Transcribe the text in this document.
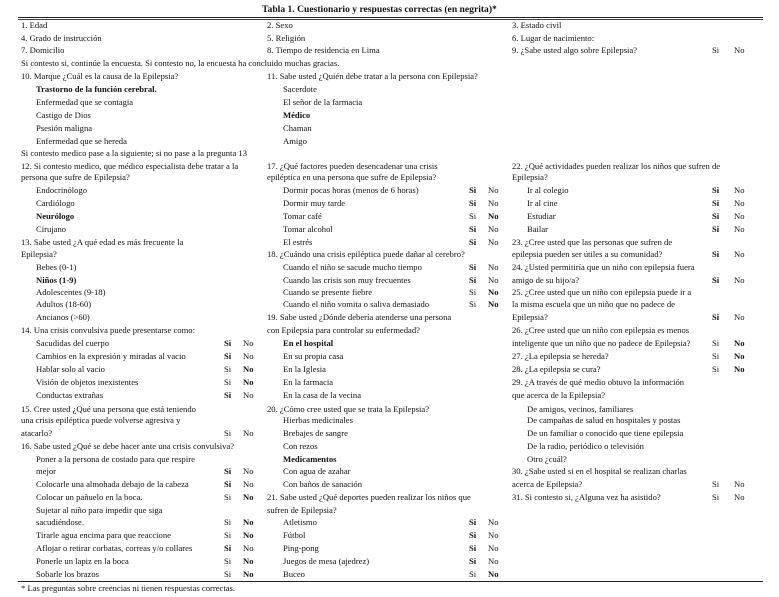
Tabla 1. Cuestionario y respuestas correctas (en negrita)*
1. Edad	2. Sexo	3. Estado civil
4. Grado de instrucción	5. Religión	6. Lugar de nacimiento:
7. Domicilio	8. Tiempo de residencia en Lima	9. ¿Sabe usted algo sobre Epilepsia?	Si No
Si contesto si, continúe la encuesta. Si contesto no, la encuesta ha concluido muchas gracias.
10. Marque ¿Cuál es la causa de la Epilepsia?
Trastorno de la función cerebral.
Enfermedad que se contagia
Castigo de Dios
Psesión maligna
Enfermedad que se hereda
Si contesto medico pase a la siguiente; si no pase a la pregunta 13
11. Sabe usted ¿Quién debe tratar a la persona con Epilepsia?
Sacerdote
El señor de la farmacia
Médico
Chaman
Amigo
12. Si contesto medico, que médico especialista debe tratar a la
persona que sufre de Epilepsia?
Endocrinólogo
Cardiólogo
Neurólogo
Cirujano
13. Sabe usted ¿A qué edad es más frecuente la
Epilepsia?
Bebes (0-1)
Niños (1-9)
Adolescentes (9-18)
Adultos (18-60)
Ancianos (>60)
14. Una crisis convulsiva puede presentarse como:
Sacudidas del cuerpo	Si No
Cambios en la expresión y miradas al vacio	Si No
Hablar solo al vacio	Si No
Visión de objetos inexistentes	Si No
Conductas extrañas	Si No
15. Cree usted ¿Qué una persona que está teniendo
una crisis epiléptica puede volverse agresiva y
atacarlo?	Si No
16. Sabe usted ¿Qué se debe hacer ante una crisis convulsiva?
Poner a la persona de costado para que respire
mejor	Si No
Colocarle una almohada debajo de la cabeza	Si No
Colocar un pañuelo en la boca.	Si No
Sujetar al niño para impedir que siga
sacudiéndose.	Si No
Tirarle agua encima para que reaccione	Si No
Aflojar o retirar corbatas, correas y/o collares	Si No
Ponerle un lapiz en la boca	Si No
Sobarle los brazos	Si No
17. ¿Qué factores pueden desencadenar una crisis
epiléptica en una persona que sufre de Epilepsia?
Dormir pocas horas (menos de 6 horas)	Si No
Dormir muy tarde	Si No
Tomar café	Si No
Tomar alcohol	Si No
El estrés	Si No
18. ¿Cuándo una crisis epiléptica puede dañar al cerebro?
Cuando el niño se sacude mucho tiempo	Si No
Cuando las crisis son muy frecuentes	Si No
Cuando se presente fiebre	Si No
Cuando el niño vomita o saliva demasiado	Si No
19. Sabe usted ¿Dónde debería atenderse una persona
con Epilepsia para controlar su enfermedad?
En el hospital
En su propia casa
En la Iglesia
En la farmacia
En la casa de la vecina
20. ¿Cómo cree usted que se trata la Epilepsia?
Hierbas medicinales
Brebajes de sangre
Con rezos
Medicamentos
Con agua de azahar
Con baños de sanación
21. Sabe usted ¿Qué deportes pueden realizar los niños que
sufren de Epilepsia?
Atletismo	Si No
Fútbol	Si No
Ping-pong	Si No
Juegos de mesa (ajedrez)	Si No
Buceo	Si No
22. ¿Qué actividades pueden realizar los niños que sufren de
Epilepsia?
Ir al colegio	Si No
Ir al cine	Si No
Estudiar	Si No
Bailar	Si No
23. ¿Cree usted que las personas que sufren de
epilepsia pueden ser útiles a su comunidad?	Si No
24. ¿Usted permitiría que un niño con epilepsia fuera
amigo de su hijo/a?	Si No
25. ¿Cree usted que un niño con epilepsia puede ir a
la misma escuela que un niño que no padece de
Epilepsia?	Si No
26. ¿Cree usted que un niño con epilepsia es menos
inteligente que un niño que no padece de Epilepsia?	Si No
27. ¿La epilepsia se hereda?	Si No
28. ¿La epilepsia se cura?	Si No
29. ¿A través de qué medio obtuvo la información
que acerca de la Epilepsia?
De amigos, vecinos, familiares
De campañas de salud en hospitales y postas
De un familiar o conocido que tiene epilepsia
De la radio, periódico o televisión
Otro ¿cuál?
30. ¿Sabe usted si en el hospital se realizan charlas
acerca de Epilepsia?	Si No
31. Si contesto si, ¿Alguna vez ha asistido?	Si No
* Las preguntas sobre creencias ni tienen respuestas correctas.
